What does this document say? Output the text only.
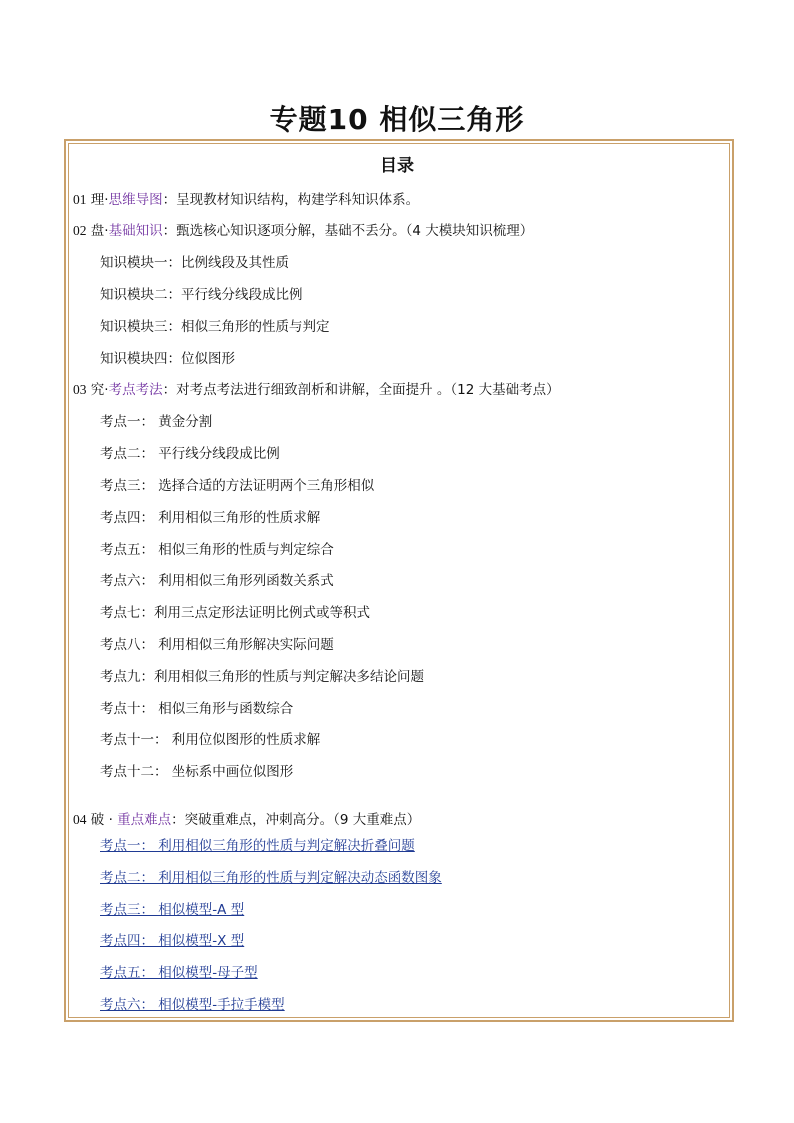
专题10 相似三角形
目录
01 理·思维导图：呈现教材知识结构，构建学科知识体系。
02 盘·基础知识：甄选核心知识逐项分解，基础不丢分。（4 大模块知识梳理）
知识模块一：比例线段及其性质
知识模块二：平行线分线段成比例
知识模块三：相似三角形的性质与判定
知识模块四：位似图形
03 究·考点考法：对考点考法进行细致剖析和讲解，全面提升 。（12 大基础考点）
考点一： 黄金分割
考点二： 平行线分线段成比例
考点三： 选择合适的方法证明两个三角形相似
考点四： 利用相似三角形的性质求解
考点五： 相似三角形的性质与判定综合
考点六： 利用相似三角形列函数关系式
考点七：利用三点定形法证明比例式或等积式
考点八： 利用相似三角形解决实际问题
考点九：利用相似三角形的性质与判定解决多结论问题
考点十： 相似三角形与函数综合
考点十一： 利用位似图形的性质求解
考点十二： 坐标系中画位似图形
04 破 · 重点难点：突破重难点，冲刺高分。（9 大重难点）
考点一： 利用相似三角形的性质与判定解决折叠问题
考点二： 利用相似三角形的性质与判定解决动态函数图象
考点三： 相似模型-A 型
考点四： 相似模型-X 型
考点五： 相似模型-母子型
考点六： 相似模型-手拉手模型
